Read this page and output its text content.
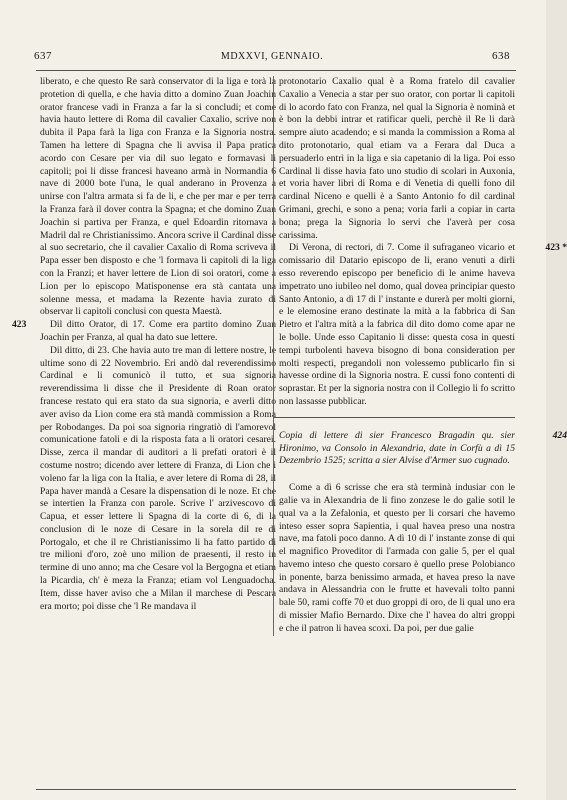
637	MDXXVI, GENNAIO.	638

liberato, e che questo Re sarà conservator di la liga e torà la protetion di quella, e che havia ditto a domino Zuan Joachin orator francese vadi in Franza a far la si concludi; et come havia hauto lettere di Roma dil cavalier Caxalio, scrive non dubita il Papa farà la liga con Franza e la Signoria nostra. Tamen ha lettere di Spagna che li avvisa il Papa pratica acordo con Cesare per via dil suo legato e formavasi li capitoli; poi li disse francesi haveano armà in Normandia 6 nave di 2000 bote l'una, le qual anderano in Provenza a unirse con l'altra armata si fa de li, e che per mar e per terra la Franza farà il dover contra la Spagna; et che domino Zuan Joachin si partiva per Franza, e quel Edoardin ritornava a Madril dal re Christianissimo. Ancora scrive il Cardinal disse al suo secretario, che il cavalier Caxalio di Roma scriveva il Papa esser ben disposto e che 'l formava li capitoli di la liga con la Franzi; et haver lettere de Lion di soi oratori, come a Lion per lo episcopo Matisponense era stà cantata una solenne messa, et madama la Rezente havia zurato di observar li capitoli conclusi con questa Maestà.

423 Dil ditto Orator, di 17. Come era partito domino Zuan Joachin per Franza, al qual ha dato sue lettere.

Dil ditto, di 23. Che havia auto tre man di lettere nostre, le ultime sono di 22 Novembrio. Eri andò dal reverendissimo Cardinal e li comunicò il tutto, et sua signoria reverendissima li disse che il Presidente di Roan orator francese restato qui era stato da sua signoria, e averli ditto aver aviso da Lion come era stà mandà commission a Roma per Robodanges. Da poi soa signoria ringratiò di l'amorevol comunicatione fatoli e di la risposta fata a li oratori cesarei. Disse, zerca il mandar di auditori a li prefati oratori è il costume nostro; dicendo aver lettere di Franza, di Lion che i voleno far la liga con la Italia, e aver letere di Roma di 28, il Papa haver mandà a Cesare la dispensation di le noze. Et che se intertien la Franza con parole. Scrive l' arzivescovo di Capua, et esser lettere li Spagna di la corte di 6, di la conclusion di le noze di Cesare in la sorela dil re di Portogalo, et che il re Christianissimo li ha fatto partido di tre milioni d'oro, zoè uno milion de praesenti, il resto in termine di uno anno; ma che Cesare vol la Bergogna et etiam la Picardia, ch' è meza la Franza; etiam vol Lenguadocha. Item, disse haver aviso che a Milan il marchese di Pescara era morto; poi disse che 'l Re mandava il

protonotario Caxalio qual è a Roma fratelo dil cavalier Caxalio a Venecia a star per suo orator, con portar li capitoli di lo acordo fato con Franza, nel qual la Signoria è nominà et è bon la debbi intrar et ratificar queli, perchè il Re li darà sempre aiuto acadendo; e si manda la commission a Roma al dito protonotario, qual etiam va a Ferara dal Duca a persuaderlo entrì in la liga e sia capetanio di la liga. Poi esso Cardinal li disse havia fato uno studio di scolari in Auxonia, et voria haver libri di Roma e di Venetia di quelli fono dil cardinal Niceno e quelli è a Santo Antonio fo dil cardinal Grimani, grechi, e sono a pena; voria farli a copiar in carta bona; prega la Signoria lo servi che l'averà per cosa carissima.

423 *
Di Verona, di rectori, di 7. Come il sufraganeo vicario et comissario dil Datario episcopo de li, erano venuti a dirli esso reverendo episcopo per beneficio di le anime haveva impetrato uno iubileo nel domo, qual dovea principiar questo Santo Antonio, a dì 17 di l' instante e durerà per molti giorni, e le elemosine erano destinate la mità a la fabbrica di San Pietro et l'altra mità a la fabrica dil dito domo come apar ne le bolle. Unde esso Capitanio li disse: questa cosa in questi tempi turbolenti haveva bisogno di bona consideration per molti respecti, pregandoli non volessemo publicarlo fin si havesse ordine di la Signoria nostra. E cussi fono contenti di soprastar. Et per la signoria nostra con il Collegio li fo scritto non lassasse pubblicar.

424
Copia di lettere di sier Francesco Bragadin qu. sier Hironimo, va Consolo in Alexandria, date in Corfù a dì 15 Dezembrio 1525; scritta a sier Alvise d'Armer suo cugnado.

Come a dì 6 scrisse che era stà terminà indusiar con le galie va in Alexandria de li fino zonzese le do galie sotil le qual va a la Zefalonia, et questo per li corsari che havemo inteso esser sopra Sapientia, i qual havea preso una nostra nave, ma fatoli poco danno. A dì 10 di l' instante zonse di qui el magnifico Proveditor di l'armada con galie 5, per el qual havemo inteso che questo corsaro è quello prese Polobianco in ponente, barza benissimo armada, et havea preso la nave andava in Alessandria con le frutte et havevali tolto panni bale 50, rami coffe 70 et duo groppi di oro, de li qual uno era di missier Mafio Bernardo. Dixe che l' havea do altri groppi e che il patron li havea scoxi. Da poi, per due galie
